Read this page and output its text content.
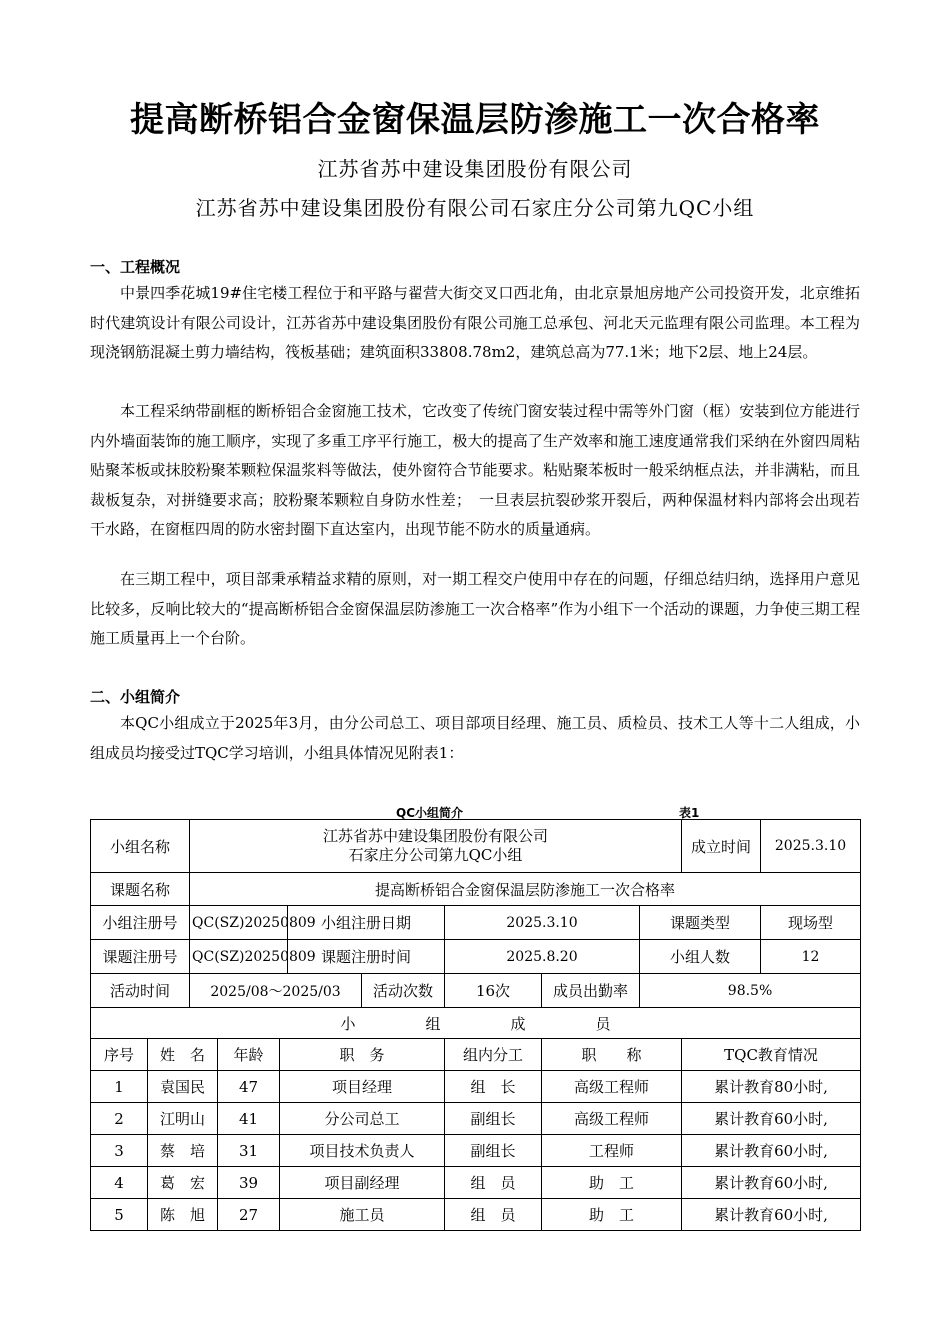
提高断桥铝合金窗保温层防渗施工一次合格率
江苏省苏中建设集团股份有限公司
江苏省苏中建设集团股份有限公司石家庄分公司第九QC小组
一、工程概况

中景四季花城19#住宅楼工程位于和平路与翟营大街交叉口西北角，由北京景旭房地产公司投资开发，北京维拓时代建筑设计有限公司设计，江苏省苏中建设集团股份有限公司施工总承包、河北天元监理有限公司监理。本工程为现浇钢筋混凝土剪力墙结构，筏板基础；建筑面积33808.78m2，建筑总高为77.1米；地下2层、地上24层。

本工程采纳带副框的断桥铝合金窗施工技术，它改变了传统门窗安装过程中需等外门窗（框）安装到位方能进行内外墙面装饰的施工顺序，实现了多重工序平行施工，极大的提高了生产效率和施工速度通常我们采纳在外窗四周粘贴聚苯板或抹胶粉聚苯颗粒保温浆料等做法，使外窗符合节能要求。粘贴聚苯板时一般采纳框点法，并非满粘，而且裁板复杂，对拼缝要求高；胶粉聚苯颗粒自身防水性差；　一旦表层抗裂砂浆开裂后，两种保温材料内部将会出现若干水路，在窗框四周的防水密封圈下直达室内，出现节能不防水的质量通病。

在三期工程中，项目部秉承精益求精的原则，对一期工程交户使用中存在的问题，仔细总结归纳，选择用户意见比较多，反响比较大的“提高断桥铝合金窗保温层防渗施工一次合格率”作为小组下一个活动的课题，力争使三期工程施工质量再上一个台阶。

二、小组简介

本QC小组成立于2025年3月，由分公司总工、项目部项目经理、施工员、质检员、技术工人等十二人组成，小组成员均接受过TQC学习培训，小组具体情况见附表1：

QC小组简介	表1
小组名称		江苏省苏中建设集团股份有限公司
石家庄分公司第九QC小组								成立时间	2025.3.10
课题名称		提高断桥铝合金窗保温层防渗施工一次合格率									
小组注册号		QC(SZ)20250809			小组注册日期		2025.3.10		课题类型		现场型
课题注册号		QC(SZ)20250809			课题注册时间		2025.8.20		小组人数		12
活动时间		2025/08～2025/03				活动次数	16次	成员出勤率	98.5%		
小组成员											
序号	姓　名		年龄	职　务			组内分工	职　　称		TQC教育情况	
1	袁国民		47	项目经理			组　长	高级工程师		累计教育80小时,	
2	江明山		41	分公司总工			副组长	高级工程师		累计教育60小时,	
3	蔡　培		31	项目技术负责人			副组长	工程师		累计教育60小时,	
4	葛　宏		39	项目副经理			组　员	助　工		累计教育60小时,	
5	陈　旭		27	施工员			组　员	助　工		累计教育60小时,	
